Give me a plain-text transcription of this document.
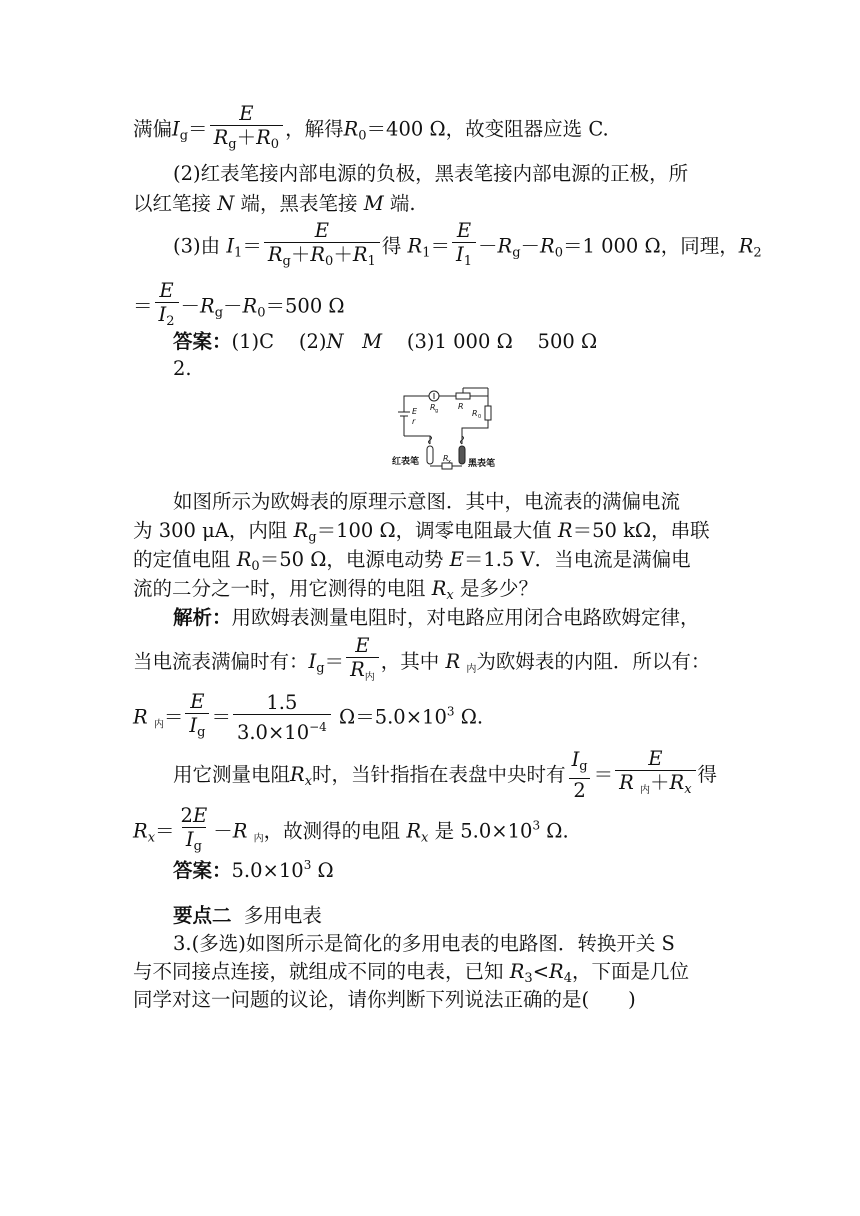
满偏$I_g= \frac{E}{R_g+R_0}$ ，解得$R_0=400$ Ω，故变阻器应选 C.
(2)红表笔接内部电源的负极，黑表笔接内部电源的正极，所
以红笔接 N 端，黑表笔接 M 端.
(3)由 $I_1= \frac{E}{R_g+R_0+R_1}$ 得 $R_1= \frac{E}{I_1} -R_g-R_0=1$ 000 Ω，同理，$R_2$
＝ $\frac{E}{I_2} -R_g-R_0=500$ Ω
答案：(1)C (2)N M (3)1 000 Ω 500 Ω
2.
E
r
R g R
R 0
R x
红表笔	黑表笔
如图所示为欧姆表的原理示意图．其中，电流表的满偏电流
为 300 μA，内阻 $R_g=100$ Ω，调零电阻最大值 R＝50 kΩ，串联
的定值电阻 $R_0=50$ Ω，电源电动势 E＝1.5 V．当电流是满偏电
流的二分之一时，用它测得的电阻 $R_x$ 是多少？
解析：用欧姆表测量电阻时，对电路应用闭合电路欧姆定律，
当电流表满偏时有：$I_g= \frac{E}{R_内}$ ，其中 R $_内$为欧姆表的内阻．所以有：
R $_内= \frac{E}{I_g} = \frac{1.5}{3.0\times 10^{-4}} \Omega=5.0\times 10^3$ Ω.
用它测量电阻$R_x$时，当针指指在表盘中央时有 $\frac{I_g}{2} = \frac{E}{R _内+R_x}$ 得
$R_x= \frac{2E}{I_g} -R$ $_内$，故测得的电阻 $R_x$ 是 $5.0\times 10^3$ Ω.
答案：$5.0\times 10^3$ Ω
要点二 多用电表
3.(多选)如图所示是简化的多用电表的电路图．转换开关 S
与不同接点连接，就组成不同的电表，已知 $R_3<R_4$，下面是几位
同学对这一问题的议论，请你判断下列说法正确的是(　　)
